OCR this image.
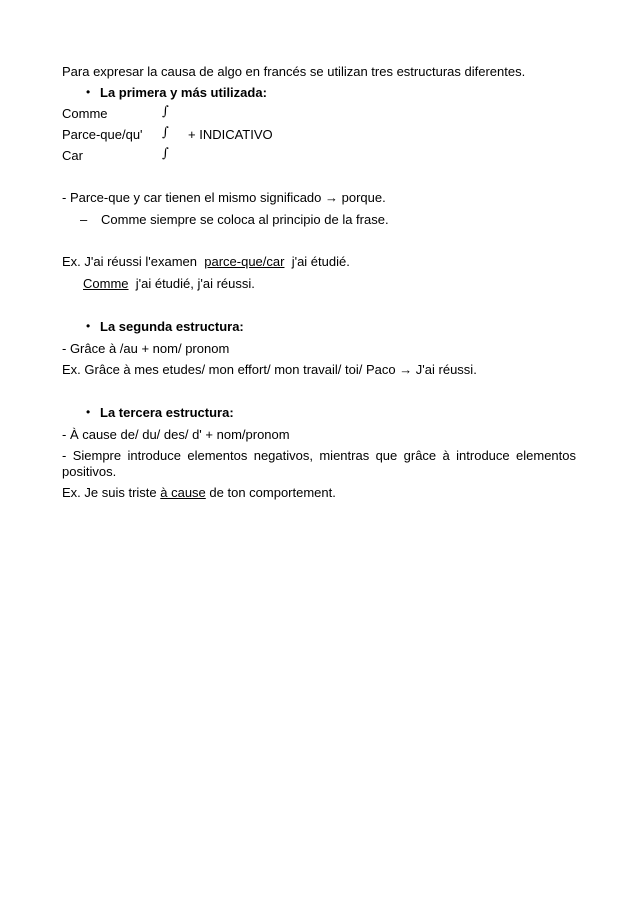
Para expresar la causa de algo en francés se utilizan tres estructuras diferentes.
• La primera y más utilizada:
Comme	∫
Parce-que/qu' ∫ + INDICATIVO
Car	∫
- Parce-que y car tienen el mismo significado → porque.
– Comme siempre se coloca al principio de la frase.
Ex. J'ai réussi l'examen  parce-que/car  j'ai étudié.
Comme  j'ai étudié, j'ai réussi.
• La segunda estructura:
- Grâce à /au + nom/ pronom
Ex. Grâce à mes etudes/ mon effort/ mon travail/ toi/ Paco → J'ai réussi.
• La tercera estructura:
- À cause de/ du/ des/ d' + nom/pronom
- Siempre introduce elementos negativos, mientras que grâce à introduce elementos
positivos.
Ex. Je suis triste à cause de ton comportement.
